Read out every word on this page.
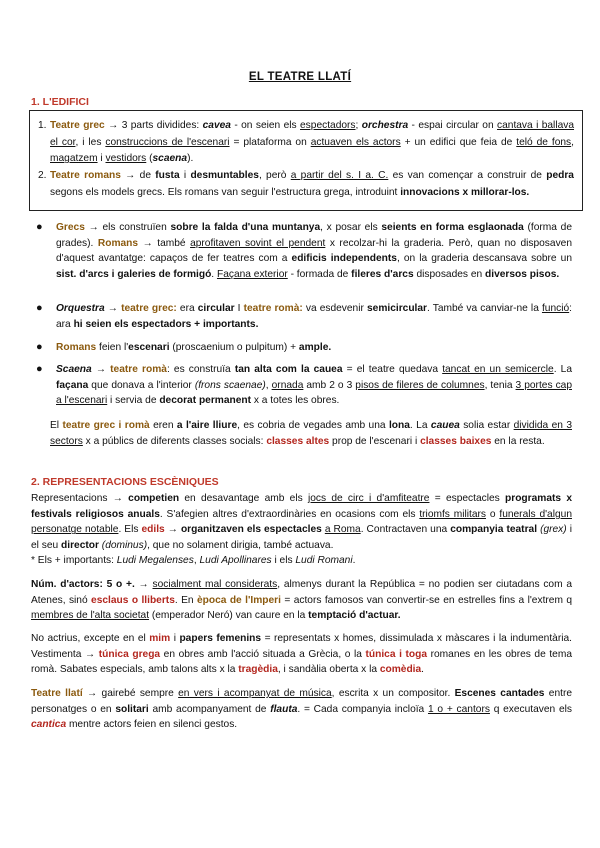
EL TEATRE LLATÍ
1. L'EDIFICI
1. Teatre grec → 3 parts dividides: cavea - on seien els espectadors; orchestra - espai circular on cantava i ballava el cor, i les construccions de l'escenari = plataforma on actuaven els actors + un edifici que feia de teló de fons, magatzem i vestidors (scaena).
2. Teatre romans → de fusta i desmuntables, però a partir del s. I a. C. es van començar a construir de pedra segons els models grecs. Els romans van seguir l'estructura grega, introduint innovacions x millorar-los.
● Grecs → els construïen sobre la falda d'una muntanya, x posar els seients en forma esglaonada (forma de grades). Romans → també aprofitaven sovint el pendent x recolzar-hi la graderia. Però, quan no disposaven d'aquest avantatge: capaços de fer teatres com a edificis independents, on la graderia descansava sobre un sist. d'arcs i galeries de formigó. Façana exterior - formada de fileres d'arcs disposades en diversos pisos.
● Orquestra → teatre grec: era circular I teatre romà: va esdevenir semicircular. També va canviar-ne la funció: ara hi seien els espectadors + importants.
● Romans feien l'escenari (proscaenium o pulpitum) + ample.
● Scaena → teatre romà: es construïa tan alta com la cauea = el teatre quedava tancat en un semicercle. La façana que donava a l'interior (frons scaenae), ornada amb 2 o 3 pisos de fileres de columnes, tenia 3 portes cap a l'escenari i servia de decorat permanent x a totes les obres.
El teatre grec i romà eren a l'aire lliure, es cobria de vegades amb una lona. La cauea solia estar dividida en 3 sectors x a públics de diferents classes socials: classes altes prop de l'escenari i classes baixes en la resta.
2. REPRESENTACIONS ESCÈNIQUES
Representacions → competien en desavantage amb els jocs de circ i d'amfiteatre = espectacles programats x festivals religiosos anuals. S'afegien altres d'extraordinàries en ocasions com els triomfs militars o funerals d'algun personatge notable. Els edils → organitzaven els espectacles a Roma. Contractaven una companyia teatral (grex) i el seu director (dominus), que no solament dirigia, també actuava.
* Els + importants: Ludi Megalenses, Ludi Apollinares i els Ludi Romani.
Núm. d'actors: 5 o +. → socialment mal considerats, almenys durant la República = no podien ser ciutadans com a Atenes, sinó esclaus o lliberts. En època de l'Imperi = actors famosos van convertir-se en estrelles fins a l'extrem q membres de l'alta societat (emperador Neró) van caure en la temptació d'actuar.
No actrius, excepte en el mim i papers femenins = representats x homes, dissimulada x màscares i la indumentària. Vestimenta → túnica grega en obres amb l'acció situada a Grècia, o la túnica i toga romanes en les obres de tema romà. Sabates especials, amb talons alts x la tragèdia, i sandàlia oberta x la comèdia.
Teatre llatí → gairebé sempre en vers i acompanyat de música, escrita x un compositor. Escenes cantades entre personatges o en solitari amb acompanyament de flauta. = Cada companyia incloïa 1 o + cantors q executaven els cantica mentre actors feien en silenci gestos.
